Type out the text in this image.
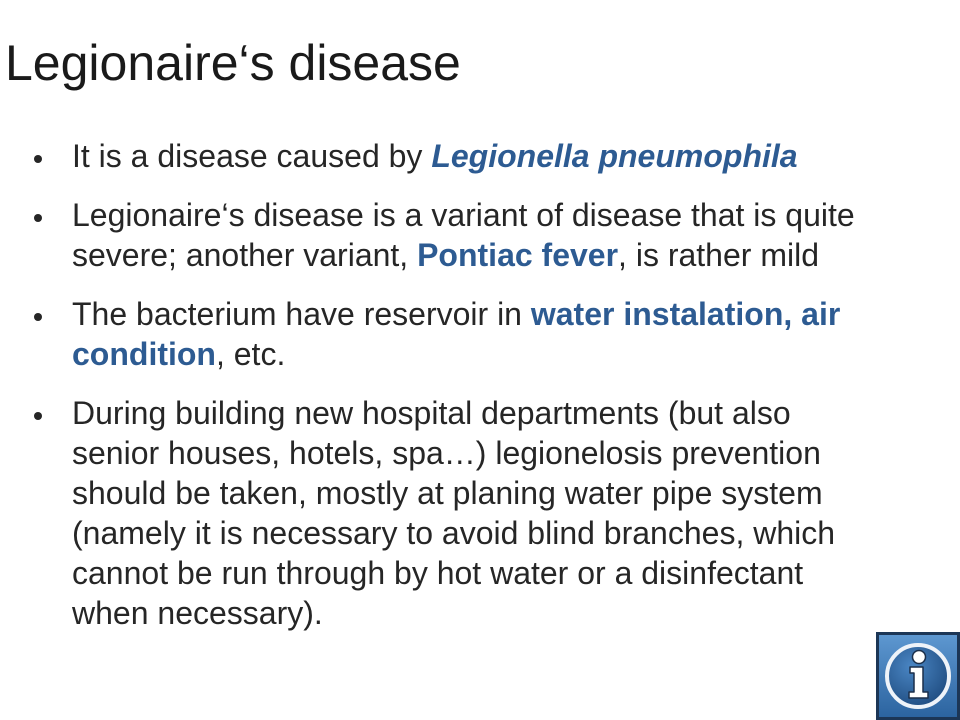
Legionaire‘s disease
It is a disease caused by Legionella pneumophila
Legionaire‘s disease is a variant of disease that is quite severe; another variant, Pontiac fever, is rather mild
The bacterium have reservoir in water instalation, air condition, etc.
During building new hospital departments (but also senior houses, hotels, spa…) legionelosis prevention should be taken, mostly at planing water pipe system (namely it is necessary to avoid blind branches, which cannot be run through by hot water or a disinfectant when necessary).
